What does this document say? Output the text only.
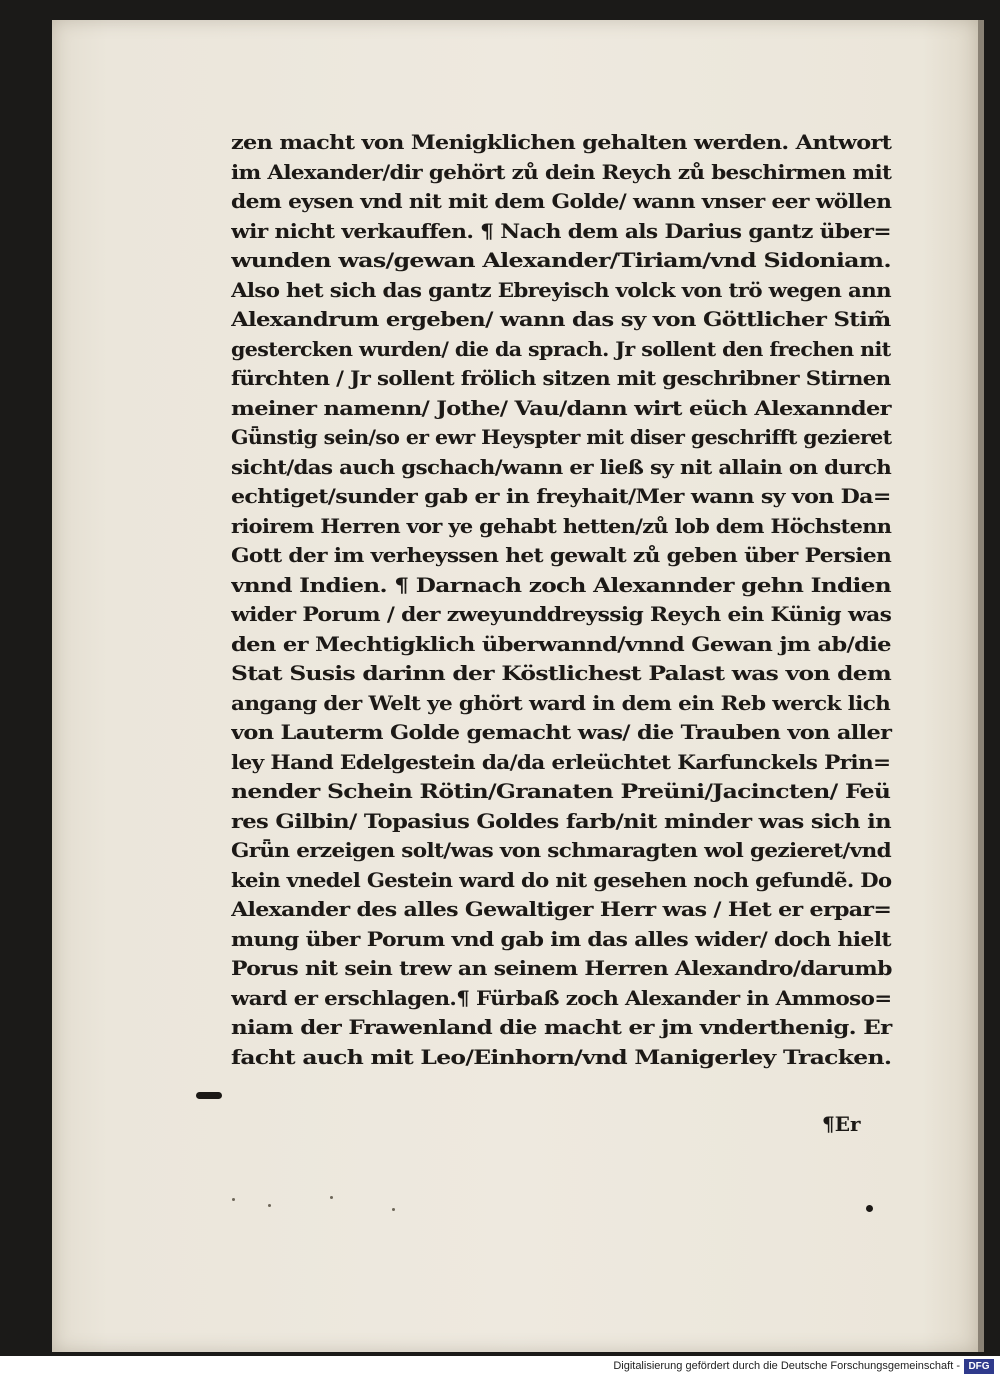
zen macht von Menigklichen gehalten werden. Antwort
im Alexander/dir gehört zů dein Reych zů beschirmen mit
dem eysen vnd nit mit dem Golde/ wann vnser eer wöllen
wir nicht verkauffen. ¶ Nach dem als Darius gantz über=
wunden was/gewan Alexander/Tiriam/vnd Sidoniam.
Also het sich das gantz Ebreyisch volck von trö wegen ann
Alexandrum ergeben/ wann das sy von Göttlicher Stim̃
gestercken wurden/ die da sprach. Jr sollent den frechen nit
fürchten / Jr sollent frölich sitzen mit geschribner Stirnen
meiner namenn/ Jothe/ Vau/dann wirt eüch Alexannder
Gǖnstig sein/so er ewr Heyspter mit diser geschrifft gezieret
sicht/das auch gschach/wann er ließ sy nit allain on durch
echtiget/sunder gab er in freyhait/Mer wann sy von Da=
rioirem Herren vor ye gehabt hetten/zů lob dem Höchstenn
Gott der im verheyssen het gewalt zů geben über Persien
vnnd Indien. ¶ Darnach zoch Alexannder gehn Indien
wider Porum / der zweyunddreyssig Reych ein Künig was
den er Mechtigklich überwannd/vnnd Gewan jm ab/die
Stat Susis darinn der Köstlichest Palast was von dem
angang der Welt ye ghört ward in dem ein Reb werck lich
von Lauterm Golde gemacht was/ die Trauben von aller
ley Hand Edelgestein da/da erleüchtet Karfunckels Prin=
nender Schein Rötin/Granaten Preüni/Jacincten/ Feü
res Gilbin/ Topasius Goldes farb/nit minder was sich in
Grǖn erzeigen solt/was von schmaragten wol gezieret/vnd
kein vnedel Gestein ward do nit gesehen noch gefundẽ. Do
Alexander des alles Gewaltiger Herr was / Het er erpar=
mung über Porum vnd gab im das alles wider/ doch hielt
Porus nit sein trew an seinem Herren Alexandro/darumb
ward er erschlagen.¶ Fürbaß zoch Alexander in Ammoso=
niam der Frawenland die macht er jm vnderthenig. Er
facht auch mit Leo/Einhorn/vnd Manigerley Tracken.
¶Er
Digitalisierung gefördert durch die Deutsche Forschungsgemeinschaft - DFG
